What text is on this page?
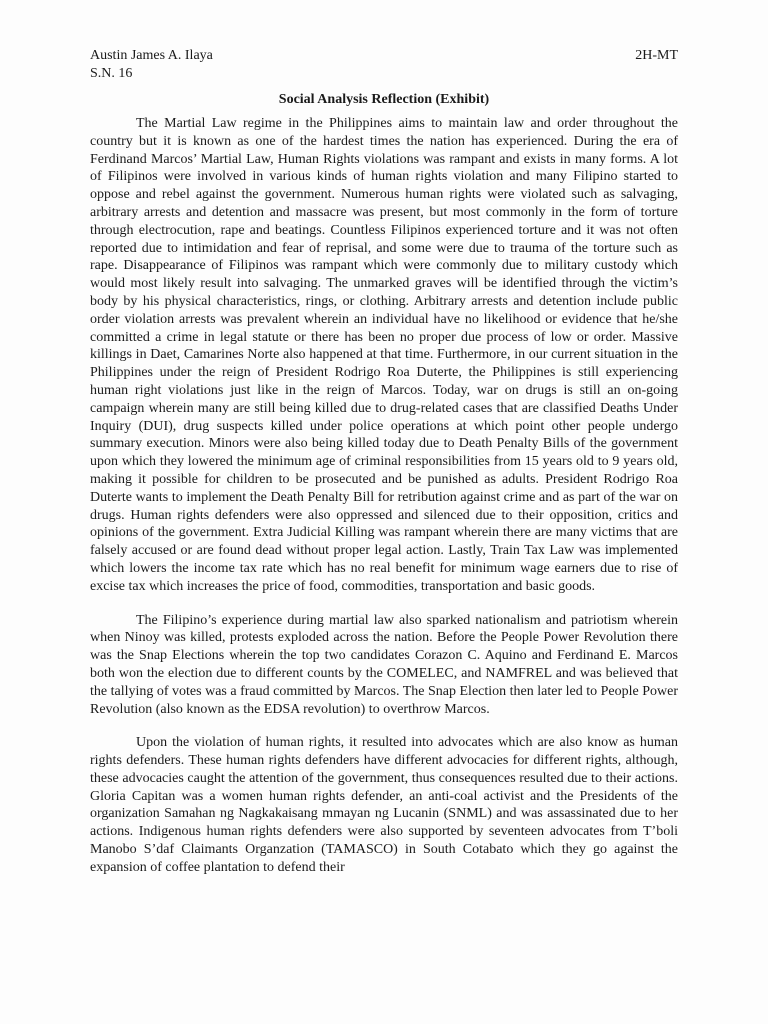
Austin James A. Ilaya	2H-MT
S.N. 16
Social Analysis Reflection (Exhibit)

The Martial Law regime in the Philippines aims to maintain law and order throughout the country but it is known as one of the hardest times the nation has experienced. During the era of Ferdinand Marcos’ Martial Law, Human Rights violations was rampant and exists in many forms. A lot of Filipinos were involved in various kinds of human rights violation and many Filipino started to oppose and rebel against the government. Numerous human rights were violated such as salvaging, arbitrary arrests and detention and massacre was present, but most commonly in the form of torture through electrocution, rape and beatings. Countless Filipinos experienced torture and it was not often reported due to intimidation and fear of reprisal, and some were due to trauma of the torture such as rape. Disappearance of Filipinos was rampant which were commonly due to military custody which would most likely result into salvaging. The unmarked graves will be identified through the victim’s body by his physical characteristics, rings, or clothing. Arbitrary arrests and detention include public order violation arrests was prevalent wherein an individual have no likelihood or evidence that he/she committed a crime in legal statute or there has been no proper due process of low or order. Massive killings in Daet, Camarines Norte also happened at that time. Furthermore, in our current situation in the Philippines under the reign of President Rodrigo Roa Duterte, the Philippines is still experiencing human right violations just like in the reign of Marcos. Today, war on drugs is still an on-going campaign wherein many are still being killed due to drug-related cases that are classified Deaths Under Inquiry (DUI), drug suspects killed under police operations at which point other people undergo summary execution. Minors were also being killed today due to Death Penalty Bills of the government upon which they lowered the minimum age of criminal responsibilities from 15 years old to 9 years old, making it possible for children to be prosecuted and be punished as adults. President Rodrigo Roa Duterte wants to implement the Death Penalty Bill for retribution against crime and as part of the war on drugs. Human rights defenders were also oppressed and silenced due to their opposition, critics and opinions of the government. Extra Judicial Killing was rampant wherein there are many victims that are falsely accused or are found dead without proper legal action. Lastly, Train Tax Law was implemented which lowers the income tax rate which has no real benefit for minimum wage earners due to rise of excise tax which increases the price of food, commodities, transportation and basic goods.

The Filipino’s experience during martial law also sparked nationalism and patriotism wherein when Ninoy was killed, protests exploded across the nation. Before the People Power Revolution there was the Snap Elections wherein the top two candidates Corazon C. Aquino and Ferdinand E. Marcos both won the election due to different counts by the COMELEC, and NAMFREL and was believed that the tallying of votes was a fraud committed by Marcos. The Snap Election then later led to People Power Revolution (also known as the EDSA revolution) to overthrow Marcos.

Upon the violation of human rights, it resulted into advocates which are also know as human rights defenders. These human rights defenders have different advocacies for different rights, although, these advocacies caught the attention of the government, thus consequences resulted due to their actions. Gloria Capitan was a women human rights defender, an anti-coal activist and the Presidents of the organization Samahan ng Nagkakaisang mmayan ng Lucanin (SNML) and was assassinated due to her actions. Indigenous human rights defenders were also supported by seventeen advocates from T’boli Manobo S’daf Claimants Organzation (TAMASCO) in South Cotabato which they go against the expansion of coffee plantation to defend their
